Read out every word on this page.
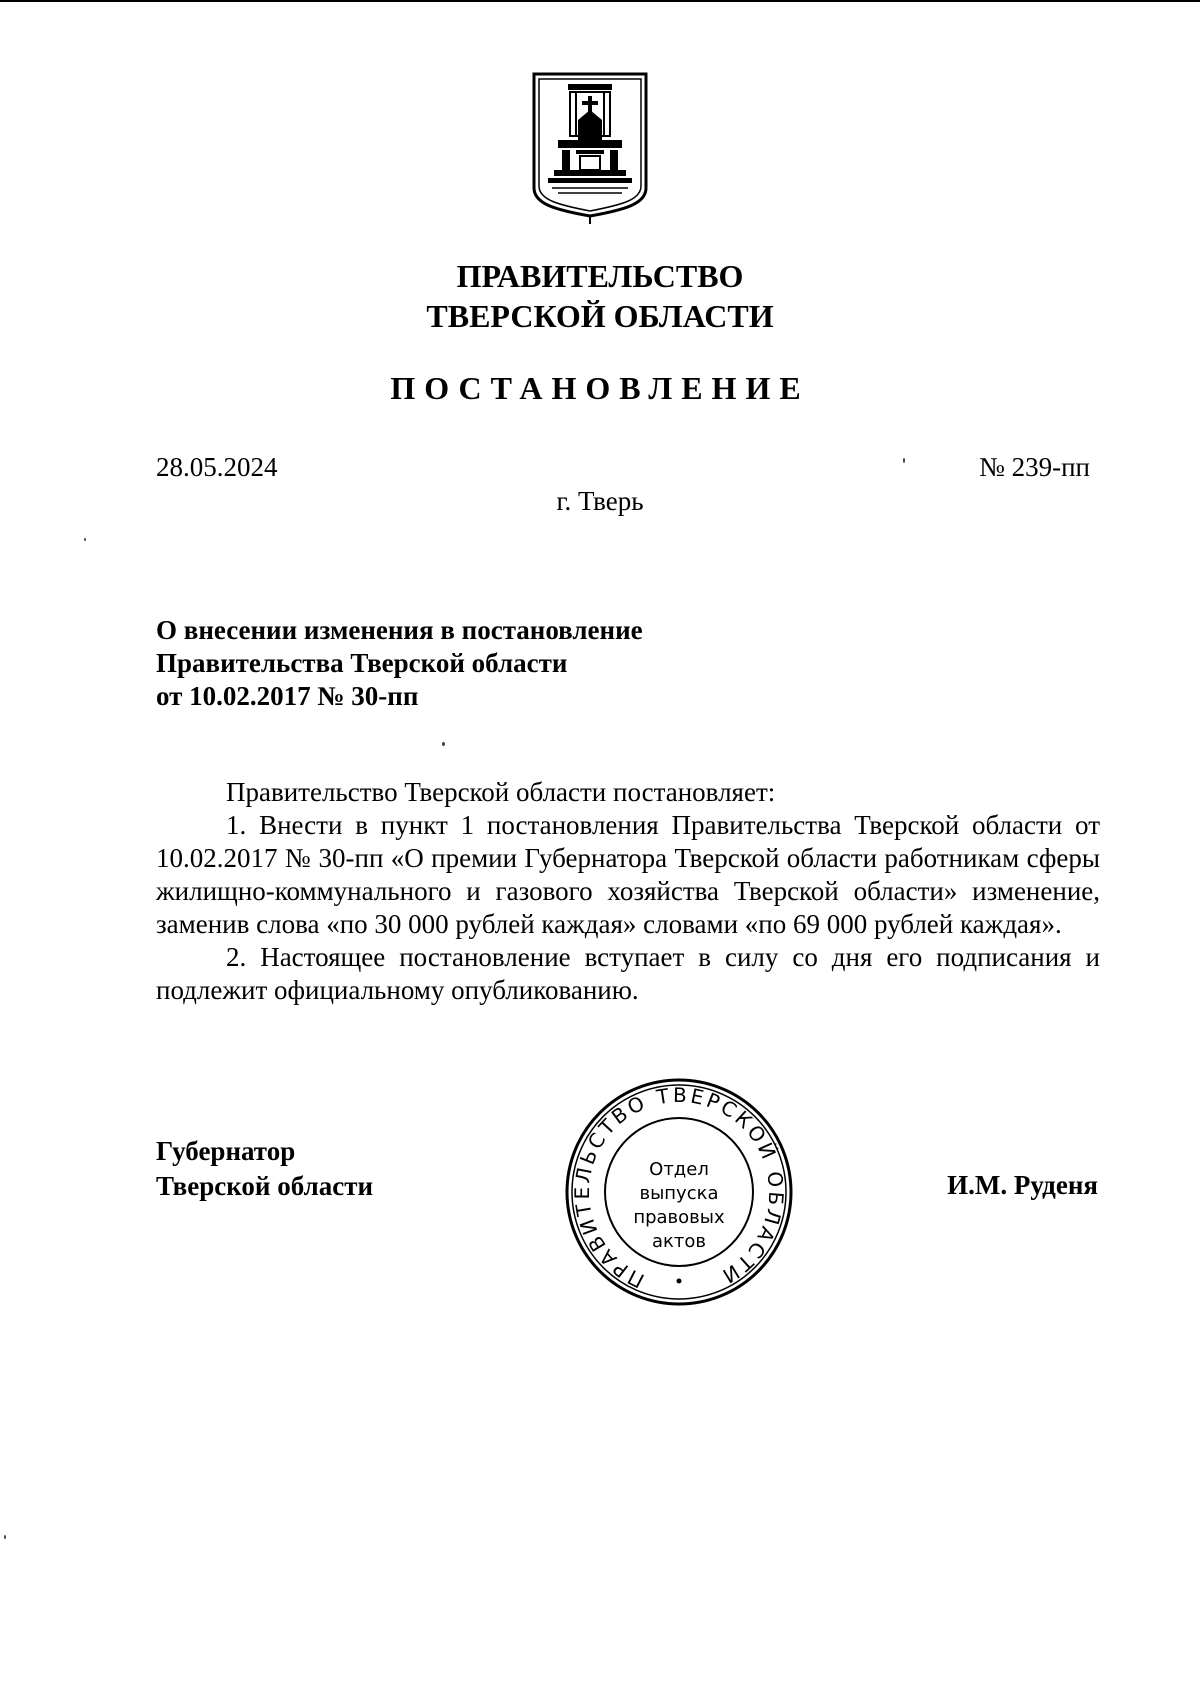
ПРАВИТЕЛЬСТВО
ТВЕРСКОЙ ОБЛАСТИ
ПОСТАНОВЛЕНИЕ
28.05.2024	№ 239-пп
г. Тверь
О внесении изменения в постановление
Правительства Тверской области
от 10.02.2017 № 30-пп

Правительство Тверской области постановляет:

1. Внести в пункт 1 постановления Правительства Тверской области от 10.02.2017 № 30-пп «О премии Губернатора Тверской области работникам сферы жилищно-коммунального и газового хозяйства Тверской области» изменение, заменив слова «по 30 000 рублей каждая» словами «по 69 000 рублей каждая».

2. Настоящее постановление вступает в силу со дня его подписания и подлежит официальному опубликованию.

Губернатор
Тверской области	И.М. Руденя
ПРАВИТЕЛЬСТВО ТВЕРСКОЙ ОБЛАСТИ
Отдел
выпуска
правовых
актов
